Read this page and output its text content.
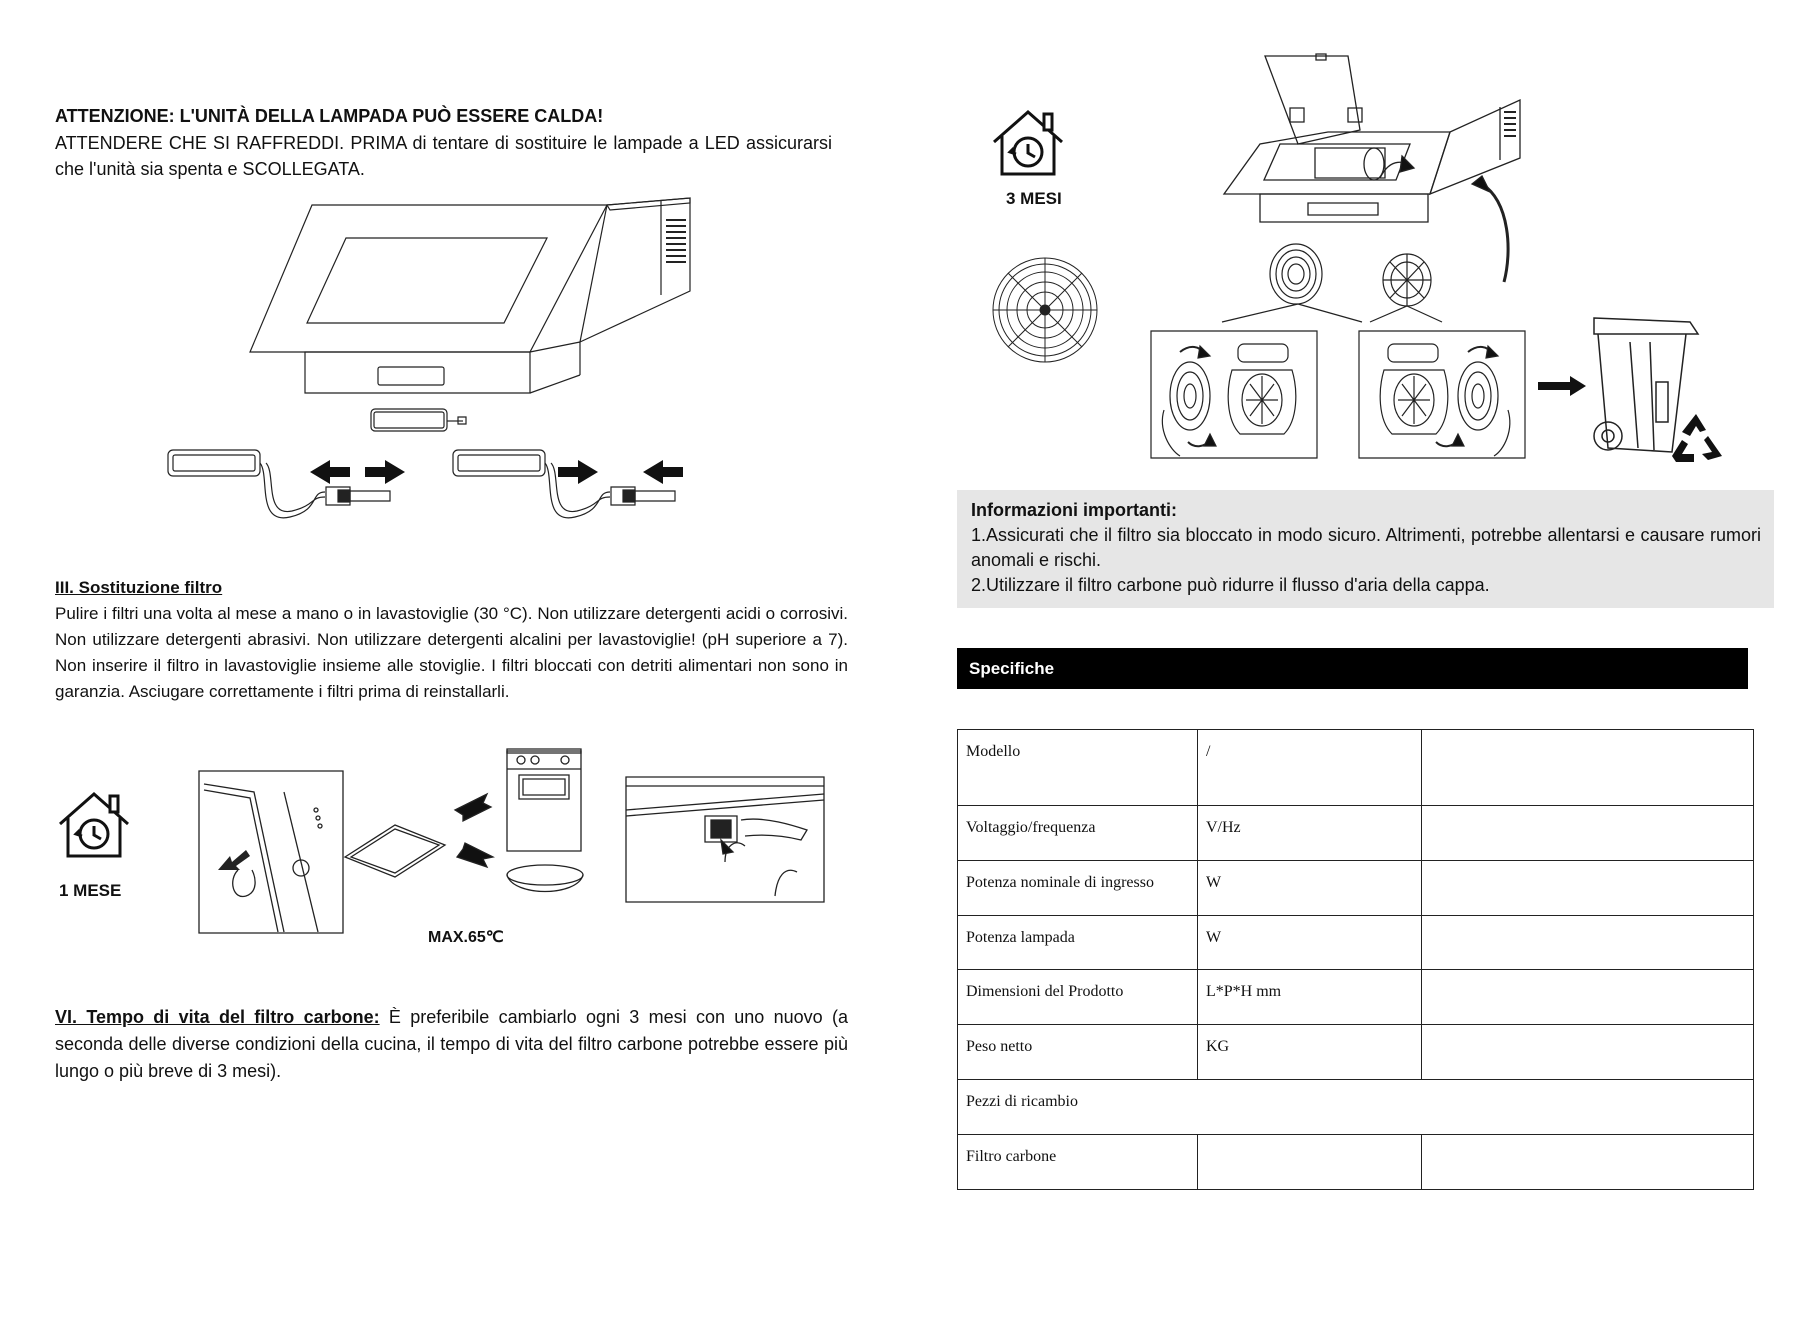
ATTENZIONE: L'UNITÀ DELLA LAMPADA PUÒ ESSERE CALDA!
ATTENDERE CHE SI RAFFREDDI. PRIMA di tentare di sostituire le lampade a LED assicurarsi che l'unità sia spenta e SCOLLEGATA.
III. Sostituzione filtro
Pulire i filtri una volta al mese a mano o in lavastoviglie (30 °C). Non utilizzare detergenti acidi o corrosivi. Non utilizzare detergenti abrasivi. Non utilizzare detergenti alcalini per lavastoviglie! (pH superiore a 7). Non inserire il filtro in lavastoviglie insieme alle stoviglie. I filtri bloccati con detriti alimentari non sono in garanzia. Asciugare correttamente i filtri prima di reinstallarli.
1 MESE
MAX.65℃
VI. Tempo di vita del filtro carbone: È preferibile cambiarlo ogni 3 mesi con uno nuovo (a seconda delle diverse condizioni della cucina, il tempo di vita del filtro carbone potrebbe essere più lungo o più breve di 3 mesi).
3 MESI
Informazioni importanti:
1.Assicurati che il filtro sia bloccato in modo sicuro. Altrimenti, potrebbe allentarsi e causare rumori anomali e rischi.
2.Utilizzare il filtro carbone può ridurre il flusso d'aria della cappa.
Specifiche
Modello	/	
Voltaggio/frequenza	V/Hz	
Potenza nominale di ingresso	W	
Potenza lampada	W	
Dimensioni del Prodotto	L*P*H mm	
Peso netto	KG	
Pezzi di ricambio		
Filtro carbone		
